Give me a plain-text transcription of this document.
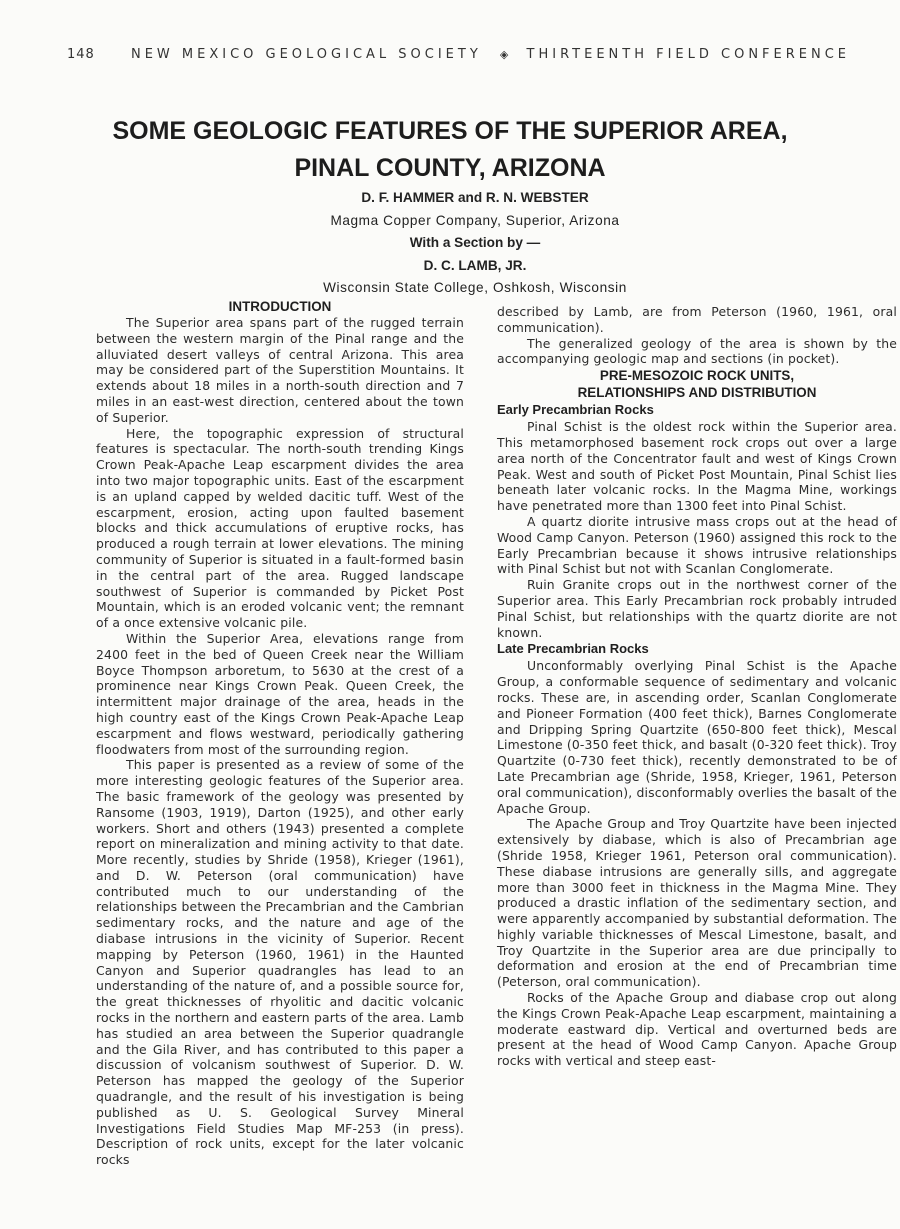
148	NEW MEXICO GEOLOGICAL SOCIETY ◈ THIRTEENTH FIELD CONFERENCE
SOME GEOLOGIC FEATURES OF THE SUPERIOR AREA,
PINAL COUNTY, ARIZONA
D. F. HAMMER and R. N. WEBSTER
Magma Copper Company, Superior, Arizona
With a Section by —
D. C. LAMB, JR.
Wisconsin State College, Oshkosh, Wisconsin
INTRODUCTION

The Superior area spans part of the rugged terrain between the western margin of the Pinal range and the alluviated desert valleys of central Arizona. This area may be considered part of the Superstition Mountains. It extends about 18 miles in a north-south direction and 7 miles in an east-west direction, centered about the town of Superior.

Here, the topographic expression of structural features is spectacular. The north-south trending Kings Crown Peak-Apache Leap escarpment divides the area into two major topographic units. East of the escarpment is an upland capped by welded dacitic tuff. West of the escarpment, erosion, acting upon faulted basement blocks and thick accumulations of eruptive rocks, has produced a rough terrain at lower elevations. The mining community of Superior is situated in a fault-formed basin in the central part of the area. Rugged landscape southwest of Superior is commanded by Picket Post Mountain, which is an eroded volcanic vent; the remnant of a once extensive volcanic pile.

Within the Superior Area, elevations range from 2400 feet in the bed of Queen Creek near the William Boyce Thompson arboretum, to 5630 at the crest of a prominence near Kings Crown Peak. Queen Creek, the intermittent major drainage of the area, heads in the high country east of the Kings Crown Peak-Apache Leap escarpment and flows westward, periodically gathering floodwaters from most of the surrounding region.

This paper is presented as a review of some of the more interesting geologic features of the Superior area. The basic framework of the geology was presented by Ransome (1903, 1919), Darton (1925), and other early workers. Short and others (1943) presented a complete report on mineralization and mining activity to that date. More recently, studies by Shride (1958), Krieger (1961), and D. W. Peterson (oral communication) have contributed much to our understanding of the relationships between the Precambrian and the Cambrian sedimentary rocks, and the nature and age of the diabase intrusions in the vicinity of Superior. Recent mapping by Peterson (1960, 1961) in the Haunted Canyon and Superior quadrangles has lead to an understanding of the nature of, and a possible source for, the great thicknesses of rhyolitic and dacitic volcanic rocks in the northern and eastern parts of the area. Lamb has studied an area between the Superior quadrangle and the Gila River, and has contributed to this paper a discussion of volcanism southwest of Superior. D. W. Peterson has mapped the geology of the Superior quadrangle, and the result of his investigation is being published as U. S. Geological Survey Mineral Investigations Field Studies Map MF-253 (in press). Description of rock units, except for the later volcanic rocks

described by Lamb, are from Peterson (1960, 1961, oral communication).

The generalized geology of the area is shown by the accompanying geologic map and sections (in pocket).

PRE-MESOZOIC ROCK UNITS,
RELATIONSHIPS AND DISTRIBUTION
Early Precambrian Rocks

Pinal Schist is the oldest rock within the Superior area. This metamorphosed basement rock crops out over a large area north of the Concentrator fault and west of Kings Crown Peak. West and south of Picket Post Mountain, Pinal Schist lies beneath later volcanic rocks. In the Magma Mine, workings have penetrated more than 1300 feet into Pinal Schist.

A quartz diorite intrusive mass crops out at the head of Wood Camp Canyon. Peterson (1960) assigned this rock to the Early Precambrian because it shows intrusive relationships with Pinal Schist but not with Scanlan Conglomerate.

Ruin Granite crops out in the northwest corner of the Superior area. This Early Precambrian rock probably intruded Pinal Schist, but relationships with the quartz diorite are not known.

Late Precambrian Rocks

Unconformably overlying Pinal Schist is the Apache Group, a conformable sequence of sedimentary and volcanic rocks. These are, in ascending order, Scanlan Conglomerate and Pioneer Formation (400 feet thick), Barnes Conglomerate and Dripping Spring Quartzite (650-800 feet thick), Mescal Limestone (0-350 feet thick, and basalt (0-320 feet thick). Troy Quartzite (0-730 feet thick), recently demonstrated to be of Late Precambrian age (Shride, 1958, Krieger, 1961, Peterson oral communication), disconformably overlies the basalt of the Apache Group.

The Apache Group and Troy Quartzite have been injected extensively by diabase, which is also of Precambrian age (Shride 1958, Krieger 1961, Peterson oral communication). These diabase intrusions are generally sills, and aggregate more than 3000 feet in thickness in the Magma Mine. They produced a drastic inflation of the sedimentary section, and were apparently accompanied by substantial deformation. The highly variable thicknesses of Mescal Limestone, basalt, and Troy Quartzite in the Superior area are due principally to deformation and erosion at the end of Precambrian time (Peterson, oral communication).

Rocks of the Apache Group and diabase crop out along the Kings Crown Peak-Apache Leap escarpment, maintaining a moderate eastward dip. Vertical and overturned beds are present at the head of Wood Camp Canyon. Apache Group rocks with vertical and steep east-
